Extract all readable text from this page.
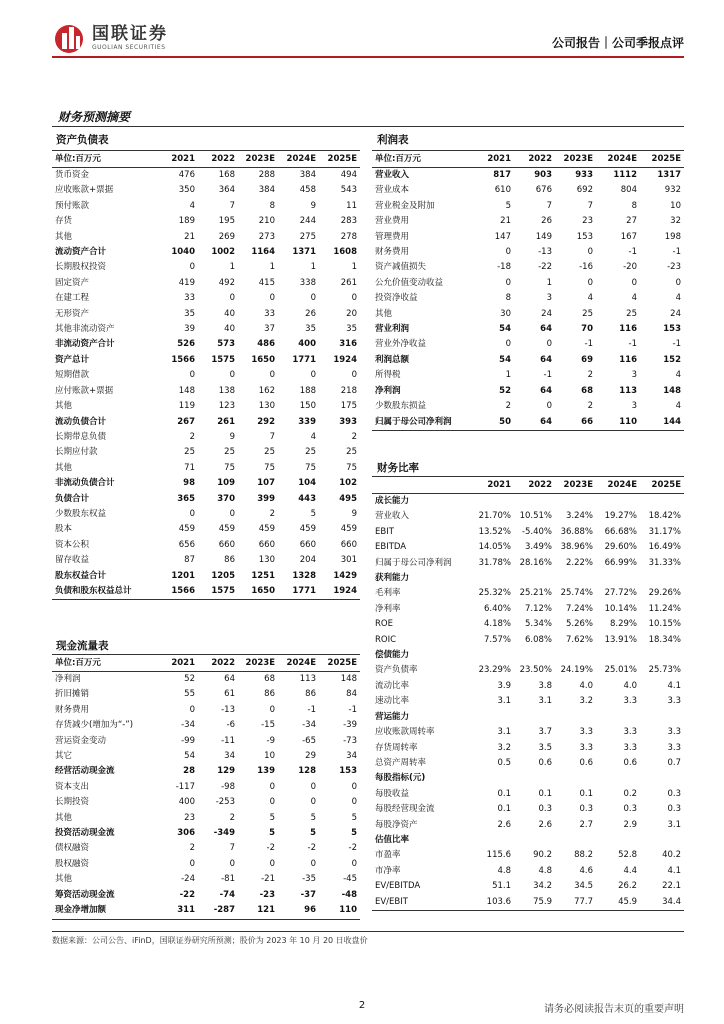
国联证券
GUOLIAN SECURITIES	公司报告｜公司季报点评
财务预测摘要
资产负债表
单位:百万元	2021	2022	2023E	2024E	2025E
货币资金	476	168	288	384	494
应收账款+票据	350	364	384	458	543
预付账款	4	7	8	9	11
存货	189	195	210	244	283
其他	21	269	273	275	278
流动资产合计	1040	1002	1164	1371	1608
长期股权投资	0	1	1	1	1
固定资产	419	492	415	338	261
在建工程	33	0	0	0	0
无形资产	35	40	33	26	20
其他非流动资产	39	40	37	35	35
非流动资产合计	526	573	486	400	316
资产总计	1566	1575	1650	1771	1924
短期借款	0	0	0	0	0
应付账款+票据	148	138	162	188	218
其他	119	123	130	150	175
流动负债合计	267	261	292	339	393
长期带息负债	2	9	7	4	2
长期应付款	25	25	25	25	25
其他	71	75	75	75	75
非流动负债合计	98	109	107	104	102
负债合计	365	370	399	443	495
少数股东权益	0	0	2	5	9
股本	459	459	459	459	459
资本公积	656	660	660	660	660
留存收益	87	86	130	204	301
股东权益合计	1201	1205	1251	1328	1429
负债和股东权益总计	1566	1575	1650	1771	1924
现金流量表
单位:百万元	2021	2022	2023E	2024E	2025E
净利润	52	64	68	113	148
折旧摊销	55	61	86	86	84
财务费用	0	-13	0	-1	-1
存货减少(增加为“-”)	-34	-6	-15	-34	-39
营运资金变动	-99	-11	-9	-65	-73
其它	54	34	10	29	34
经营活动现金流	28	129	139	128	153
资本支出	-117	-98	0	0	0
长期投资	400	-253	0	0	0
其他	23	2	5	5	5
投资活动现金流	306	-349	5	5	5
债权融资	2	7	-2	-2	-2
股权融资	0	0	0	0	0
其他	-24	-81	-21	-35	-45
筹资活动现金流	-22	-74	-23	-37	-48
现金净增加额	311	-287	121	96	110
利润表
单位:百万元	2021	2022	2023E	2024E	2025E
营业收入	817	903	933	1112	1317
营业成本	610	676	692	804	932
营业税金及附加	5	7	7	8	10
营业费用	21	26	23	27	32
管理费用	147	149	153	167	198
财务费用	0	-13	0	-1	-1
资产减值损失	-18	-22	-16	-20	-23
公允价值变动收益	0	1	0	0	0
投资净收益	8	3	4	4	4
其他	30	24	25	25	24
营业利润	54	64	70	116	153
营业外净收益	0	0	-1	-1	-1
利润总额	54	64	69	116	152
所得税	1	-1	2	3	4
净利润	52	64	68	113	148
少数股东损益	2	0	2	3	4
归属于母公司净利润	50	64	66	110	144
财务比率
	2021	2022	2023E	2024E	2025E
成长能力					
营业收入	21.70%	10.51%	3.24%	19.27%	18.42%
EBIT	13.52%	-5.40%	36.88%	66.68%	31.17%
EBITDA	14.05%	3.49%	38.96%	29.60%	16.49%
归属于母公司净利润	31.78%	28.16%	2.22%	66.99%	31.33%
获利能力					
毛利率	25.32%	25.21%	25.74%	27.72%	29.26%
净利率	6.40%	7.12%	7.24%	10.14%	11.24%
ROE	4.18%	5.34%	5.26%	8.29%	10.15%
ROIC	7.57%	6.08%	7.62%	13.91%	18.34%
偿债能力					
资产负债率	23.29%	23.50%	24.19%	25.01%	25.73%
流动比率	3.9	3.8	4.0	4.0	4.1
速动比率	3.1	3.1	3.2	3.3	3.3
营运能力					
应收账款周转率	3.1	3.7	3.3	3.3	3.3
存货周转率	3.2	3.5	3.3	3.3	3.3
总资产周转率	0.5	0.6	0.6	0.6	0.7
每股指标(元)					
每股收益	0.1	0.1	0.1	0.2	0.3
每股经营现金流	0.1	0.3	0.3	0.3	0.3
每股净资产	2.6	2.6	2.7	2.9	3.1
估值比率					
市盈率	115.6	90.2	88.2	52.8	40.2
市净率	4.8	4.8	4.6	4.4	4.1
EV/EBITDA	51.1	34.2	34.5	26.2	22.1
EV/EBIT	103.6	75.9	77.7	45.9	34.4
数据来源：公司公告、iFinD，国联证券研究所预测；股价为 2023 年 10 月 20 日收盘价
2	请务必阅读报告末页的重要声明
